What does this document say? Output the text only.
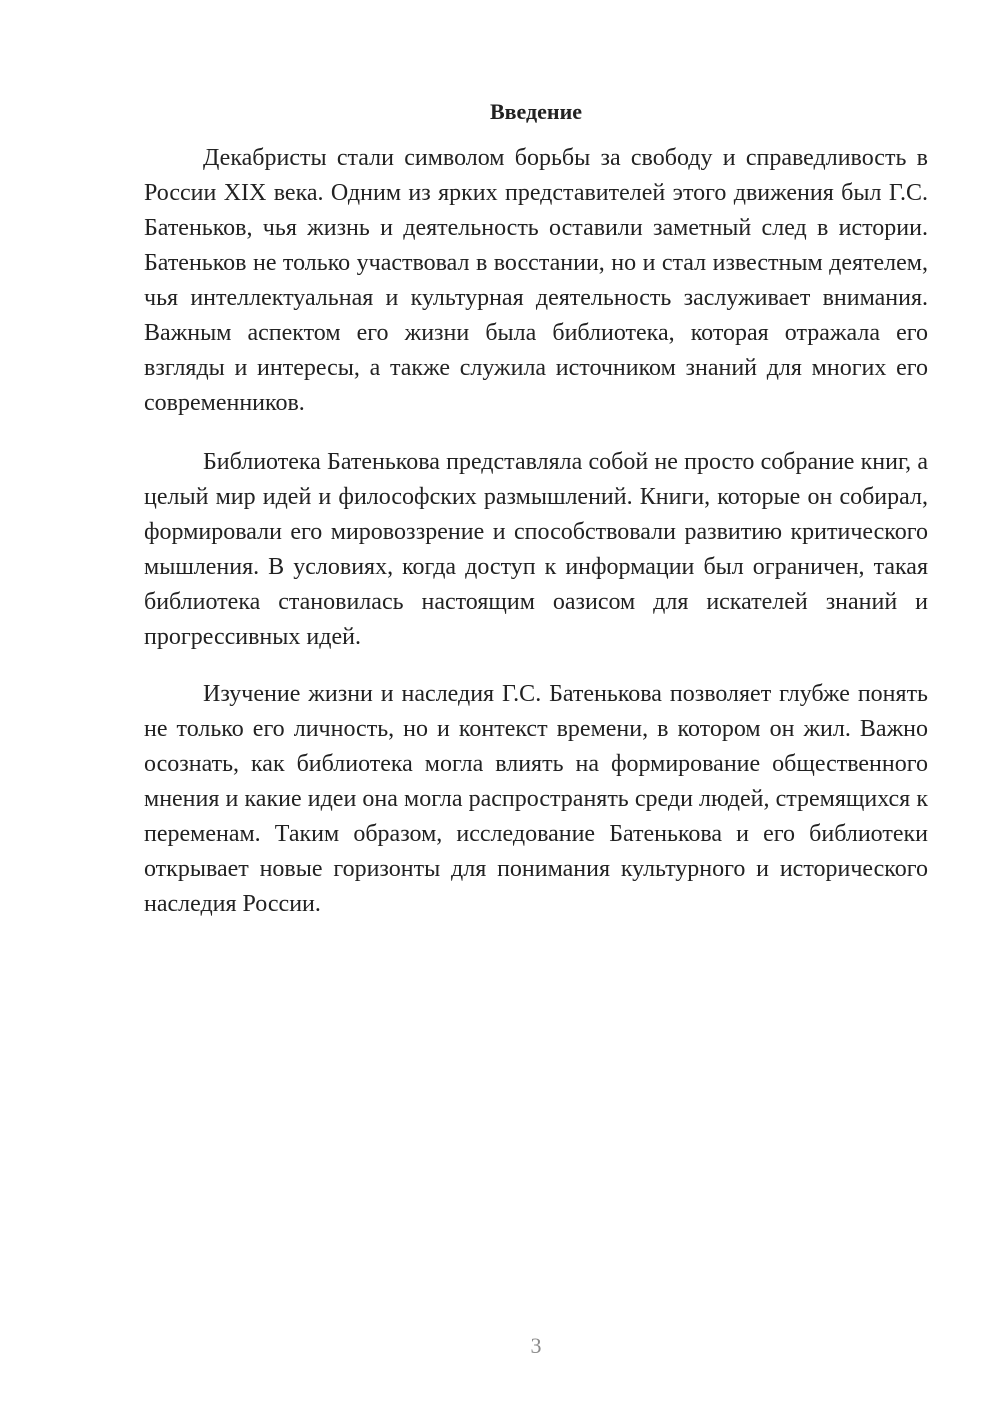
Введение

Декабристы стали символом борьбы за свободу и справедливость в России XIX века. Одним из ярких представителей этого движения был Г.С. Батеньков, чья жизнь и деятельность оставили заметный след в истории. Батеньков не только участвовал в восстании, но и стал известным деятелем, чья интеллектуальная и культурная деятельность заслуживает внимания. Важным аспектом его жизни была библиотека, которая отражала его взгляды и интересы, а также служила источником знаний для многих его современников.

Библиотека Батенькова представляла собой не просто собрание книг, а целый мир идей и философских размышлений. Книги, которые он собирал, формировали его мировоззрение и способствовали развитию критического мышления. В условиях, когда доступ к информации был ограничен, такая библиотека становилась настоящим оазисом для искателей знаний и прогрессивных идей.

Изучение жизни и наследия Г.С. Батенькова позволяет глубже понять не только его личность, но и контекст времени, в котором он жил. Важно осознать, как библиотека могла влиять на формирование общественного мнения и какие идеи она могла распространять среди людей, стремящихся к переменам. Таким образом, исследование Батенькова и его библиотеки открывает новые горизонты для понимания культурного и исторического наследия России.

3
